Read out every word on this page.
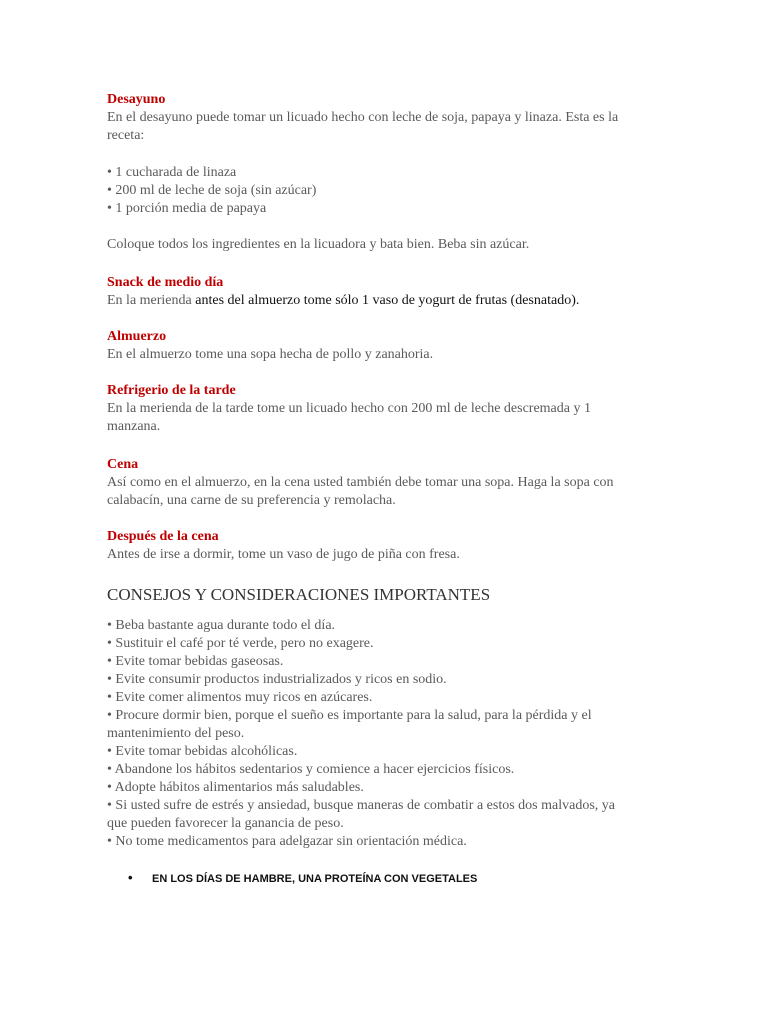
Desayuno
En el desayuno puede tomar un licuado hecho con leche de soja, papaya y linaza. Esta es la
receta:
• 1 cucharada de linaza
• 200 ml de leche de soja (sin azúcar)
• 1 porción media de papaya
Coloque todos los ingredientes en la licuadora y bata bien. Beba sin azúcar.
Snack de medio día
En la merienda antes del almuerzo tome sólo 1 vaso de yogurt de frutas (desnatado).
Almuerzo
En el almuerzo tome una sopa hecha de pollo y zanahoria.
Refrigerio de la tarde
En la merienda de la tarde tome un licuado hecho con 200 ml de leche descremada y 1
manzana.
Cena
Así como en el almuerzo, en la cena usted también debe tomar una sopa. Haga la sopa con
calabacín, una carne de su preferencia y remolacha.
Después de la cena
Antes de irse a dormir, tome un vaso de jugo de piña con fresa.
CONSEJOS Y CONSIDERACIONES IMPORTANTES
• Beba bastante agua durante todo el día.
• Sustituir el café por té verde, pero no exagere.
• Evite tomar bebidas gaseosas.
• Evite consumir productos industrializados y ricos en sodio.
• Evite comer alimentos muy ricos en azúcares.
• Procure dormir bien, porque el sueño es importante para la salud, para la pérdida y el
mantenimiento del peso.
• Evite tomar bebidas alcohólicas.
• Abandone los hábitos sedentarios y comience a hacer ejercicios físicos.
• Adopte hábitos alimentarios más saludables.
• Si usted sufre de estrés y ansiedad, busque maneras de combatir a estos dos malvados, ya
que pueden favorecer la ganancia de peso.
• No tome medicamentos para adelgazar sin orientación médica.
• EN LOS DÍAS DE HAMBRE, UNA PROTEÍNA CON VEGETALES
